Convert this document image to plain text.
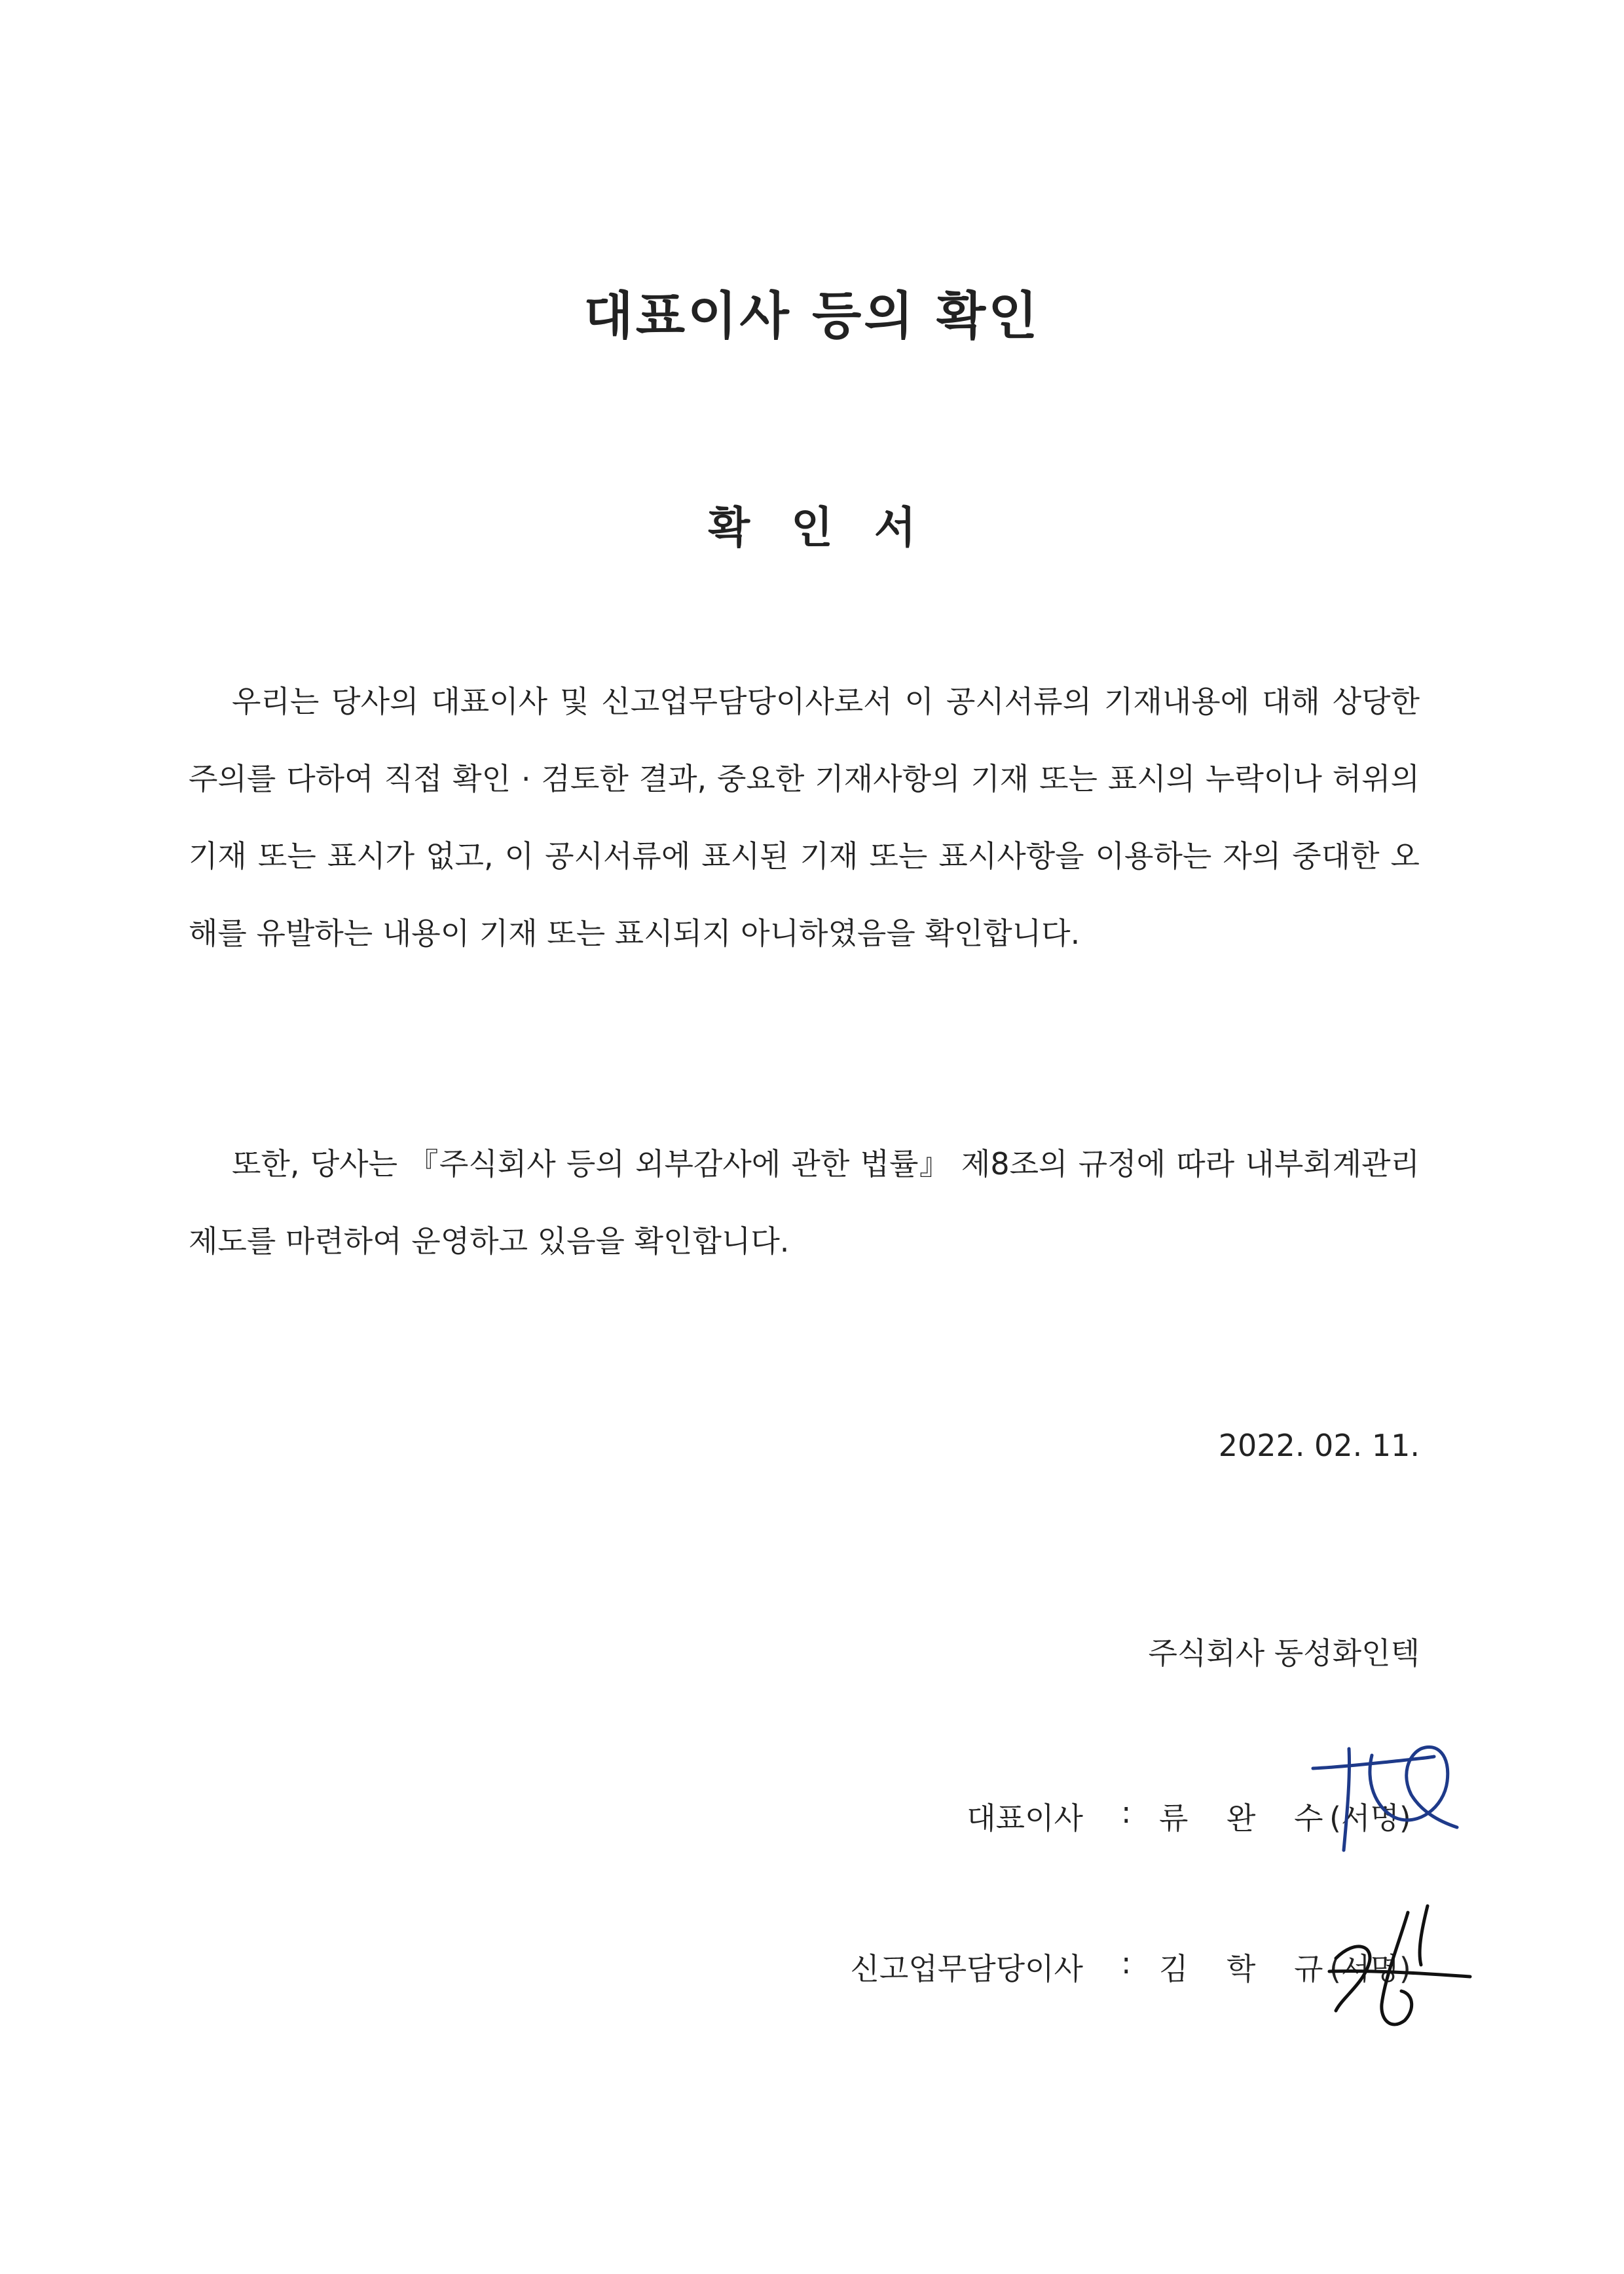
대표이사 등의 확인
확 인 서

우리는 당사의 대표이사 및 신고업무담당이사로서 이 공시서류의 기재내용에 대해 상당한 주의를 다하여 직접 확인 · 검토한 결과, 중요한 기재사항의 기재 또는 표시의 누락이나 허위의 기재 또는 표시가 없고, 이 공시서류에 표시된 기재 또는 표시사항을 이용하는 자의 중대한 오해를 유발하는 내용이 기재 또는 표시되지 아니하였음을 확인합니다.

또한, 당사는 『주식회사 등의 외부감사에 관한 법률』 제8조의 규정에 따라 내부회계관리제도를 마련하여 운영하고 있음을 확인합니다.

2022. 02. 11.
주식회사 동성화인텍
대표이사 : 류 완 수
(서명)
신고업무담당이사 : 김 학 규
(서명)
